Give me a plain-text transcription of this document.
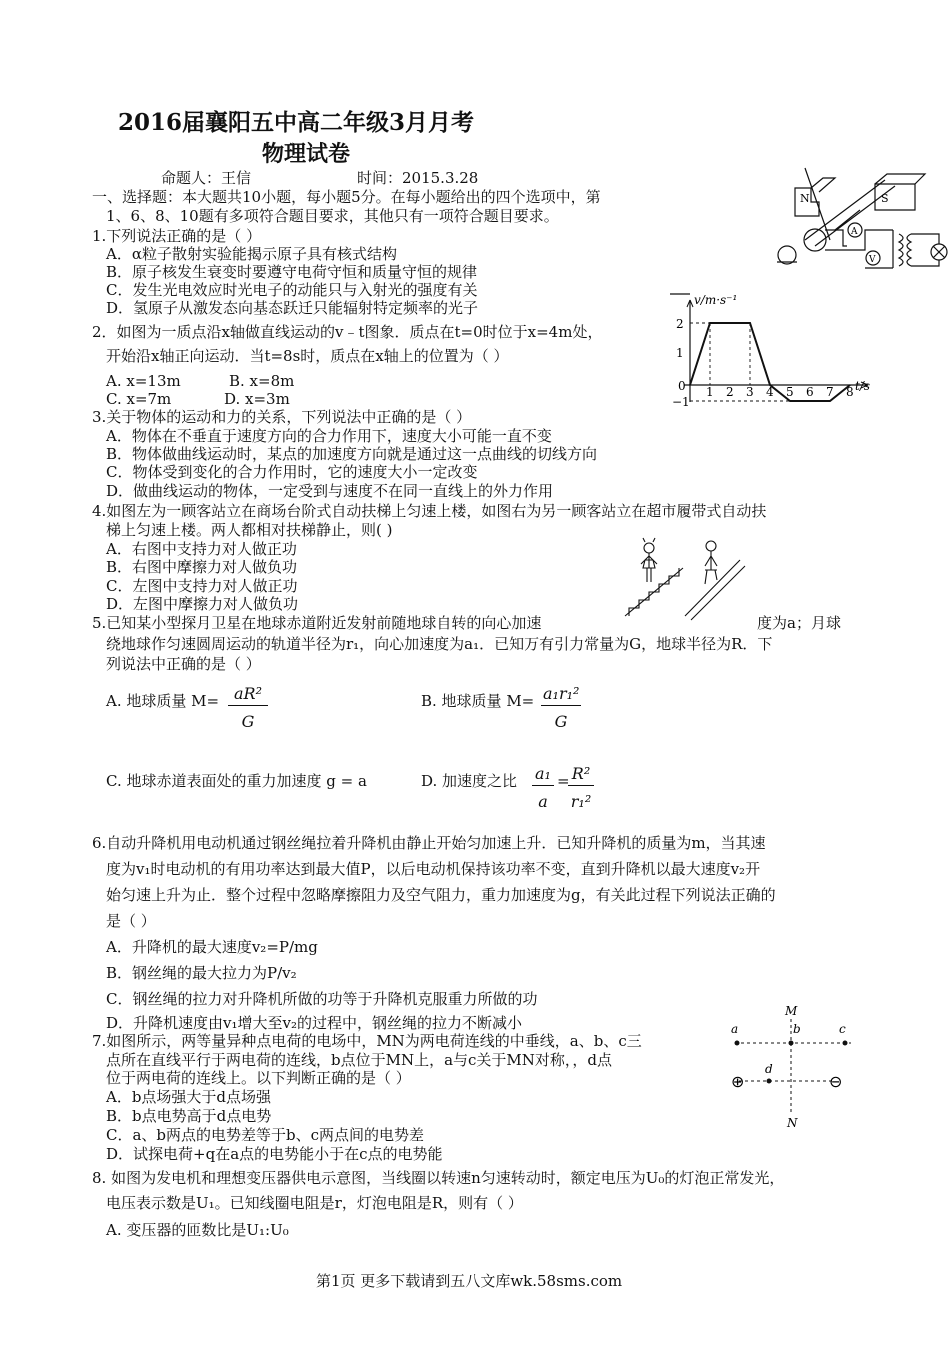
2016届襄阳五中高二年级3月月考
物理试卷
命题人：王信	时间：2015.3.28
一、选择题：本大题共10小题，每小题5分。在每小题给出的四个选项中，第
1、6、8、10题有多项符合题目要求，其他只有一项符合题目要求。
1.下列说法正确的是（ ）
A．α粒子散射实验能揭示原子具有核式结构
B．原子核发生衰变时要遵守电荷守恒和质量守恒的规律
C．发生光电效应时光电子的动能只与入射光的强度有关
D．氢原子从激发态向基态跃迁只能辐射特定频率的光子
2．如图为一质点沿x轴做直线运动的v﹣t图象．质点在t=0时位于x=4m处，
开始沿x轴正向运动．当t=8s时，质点在x轴上的位置为（ ）
A. x=13m	B. x=8m
C. x=7m	D. x=3m
3.关于物体的运动和力的关系，下列说法中正确的是（ ）
A．物体在不垂直于速度方向的合力作用下，速度大小可能一直不变
B．物体做曲线运动时，某点的加速度方向就是通过这一点曲线的切线方向
C．物体受到变化的合力作用时，它的速度大小一定改变
D．做曲线运动的物体，一定受到与速度不在同一直线上的外力作用
4.如图左为一顾客站立在商场台阶式自动扶梯上匀速上楼，如图右为另一顾客站立在超市履带式自动扶
梯上匀速上楼。两人都相对扶梯静止，则( )
A．右图中支持力对人做正功
B．右图中摩擦力对人做负功
C．左图中支持力对人做正功
D．左图中摩擦力对人做负功
5.已知某小型探月卫星在地球赤道附近发射前随地球自转的向心加速	度为a；月球
绕地球作匀速圆周运动的轨道半径为r₁，向心加速度为a₁．已知万有引力常量为G，地球半径为R．下
列说法中正确的是（ ）
A. 地球质量 $M= \frac{\text{aR²}}{G}$	B. 地球质量 $M= \frac{\text{a₁r₁²}}{G}$
C. 地球赤道表面处的重力加速度 g = a	D. 加速度之比 $\frac{\text{a₁}}{a}$ =
$\frac{\text{R²}}{\text{r₁²}}$
6.自动升降机用电动机通过钢丝绳拉着升降机由静止开始匀加速上升．已知升降机的质量为m，当其速
度为v₁时电动机的有用功率达到最大值P，以后电动机保持该功率不变，直到升降机以最大速度v₂开
始匀速上升为止．整个过程中忽略摩擦阻力及空气阻力，重力加速度为g，有关此过程下列说法正确的
是（ ）
A．升降机的最大速度v₂=P/mg
B．钢丝绳的最大拉力为P/v₂
C．钢丝绳的拉力对升降机所做的功等于升降机克服重力所做的功
D．升降机速度由v₁增大至v₂的过程中，钢丝绳的拉力不断减小
7.如图所示，两等量异种点电荷的电场中，MN为两电荷连线的中垂线，a、b、c三
点所在直线平行于两电荷的连线，b点位于MN上，a与c关于MN对称，，d点
位于两电荷的连线上。以下判断正确的是（ ）
A．b点场强大于d点场强
B．b点电势高于d点电势
C．a、b两点的电势差等于b、c两点间的电势差
D．试探电荷+q在a点的电势能小于在c点的电势能
8. 如图为发电机和理想变压器供电示意图，当线圈以转速n匀速转动时，额定电压为U₀的灯泡正常发光，
电压表示数是U₁。已知线圈电阻是r，灯泡电阻是R，则有（ ）
A. 变压器的匝数比是U₁:U₀
第1页 更多下载请到五八文库wk.58sms.com
N	S
A
V
v/m·s⁻¹
t/s
2
1
0
−1
1 2 3 4 5 6 7 8
M
N
a	b	c
d
⊕	⊖
